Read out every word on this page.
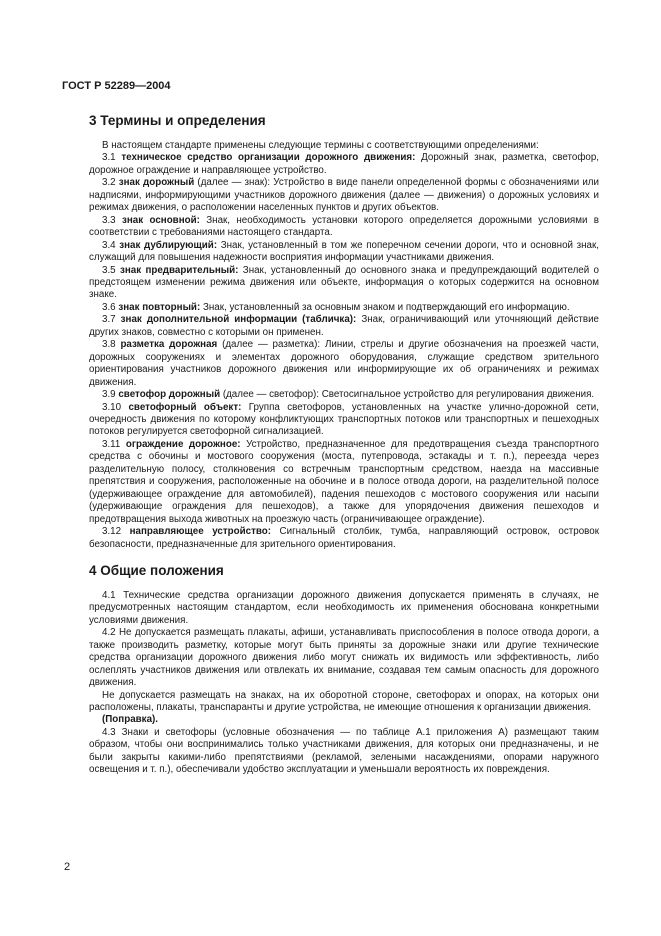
ГОСТ Р 52289—2004
3 Термины и определения

В настоящем стандарте применены следующие термины с соответствующими определениями:

3.1 техническое средство организации дорожного движения: Дорожный знак, разметка, светофор, дорожное ограждение и направляющее устройство.

3.2 знак дорожный (далее — знак): Устройство в виде панели определенной формы с обозначениями или надписями, информирующими участников дорожного движения (далее — движения) о дорожных условиях и режимах движения, о расположении населенных пунктов и других объектов.

3.3 знак основной: Знак, необходимость установки которого определяется дорожными условиями в соответствии с требованиями настоящего стандарта.

3.4 знак дублирующий: Знак, установленный в том же поперечном сечении дороги, что и основной знак, служащий для повышения надежности восприятия информации участниками движения.

3.5 знак предварительный: Знак, установленный до основного знака и предупреждающий водителей о предстоящем изменении режима движения или объекте, информация о которых содержится на основном знаке.

3.6 знак повторный: Знак, установленный за основным знаком и подтверждающий его информацию.

3.7 знак дополнительной информации (табличка): Знак, ограничивающий или уточняющий действие других знаков, совместно с которыми он применен.

3.8 разметка дорожная (далее — разметка): Линии, стрелы и другие обозначения на проезжей части, дорожных сооружениях и элементах дорожного оборудования, служащие средством зрительного ориентирования участников дорожного движения или информирующие их об ограничениях и режимах движения.

3.9 светофор дорожный (далее — светофор): Светосигнальное устройство для регулирования движения.

3.10 светофорный объект: Группа светофоров, установленных на участке улично-дорожной сети, очередность движения по которому конфликтующих транспортных потоков или транспортных и пешеходных потоков регулируется светофорной сигнализацией.

3.11 ограждение дорожное: Устройство, предназначенное для предотвращения съезда транспортного средства с обочины и мостового сооружения (моста, путепровода, эстакады и т. п.), переезда через разделительную полосу, столкновения со встречным транспортным средством, наезда на массивные препятствия и сооружения, расположенные на обочине и в полосе отвода дороги, на разделительной полосе (удерживающее ограждение для автомобилей), падения пешеходов с мостового сооружения или насыпи (удерживающие ограждения для пешеходов), а также для упорядочения движения пешеходов и предотвращения выхода животных на проезжую часть (ограничивающее ограждение).

3.12 направляющее устройство: Сигнальный столбик, тумба, направляющий островок, островок безопасности, предназначенные для зрительного ориентирования.

4 Общие положения

4.1 Технические средства организации дорожного движения допускается применять в случаях, не предусмотренных настоящим стандартом, если необходимость их применения обоснована конкретными условиями движения.

4.2 Не допускается размещать плакаты, афиши, устанавливать приспособления в полосе отвода дороги, а также производить разметку, которые могут быть приняты за дорожные знаки или другие технические средства организации дорожного движения либо могут снижать их видимость или эффективность, либо ослеплять участников движения или отвлекать их внимание, создавая тем самым опасность для дорожного движения.

Не допускается размещать на знаках, на их оборотной стороне, светофорах и опорах, на которых они расположены, плакаты, транспаранты и другие устройства, не имеющие отношения к организации движения.

(Поправка).

4.3 Знаки и светофоры (условные обозначения — по таблице А.1 приложения А) размещают таким образом, чтобы они воспринимались только участниками движения, для которых они предназначены, и не были закрыты какими-либо препятствиями (рекламой, зелеными насаждениями, опорами наружного освещения и т. п.), обеспечивали удобство эксплуатации и уменьшали вероятность их повреждения.

2
